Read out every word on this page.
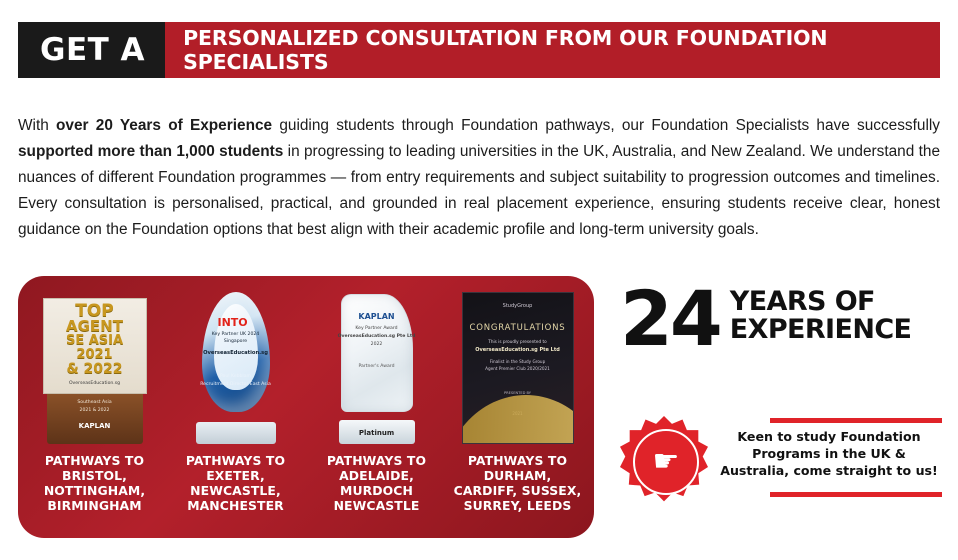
GET A	PERSONALIZED CONSULTATION FROM OUR FOUNDATION SPECIALISTS

With over 20 Years of Experience guiding students through Foundation pathways, our Foundation Specialists have successfully supported more than 1,000 students in progressing to leading universities in the UK, Australia, and New Zealand. We understand the nuances of different Foundation programmes — from entry requirements and subject suitability to progression outcomes and timelines. Every consultation is personalised, practical, and grounded in real placement experience, ensuring students receive clear, honest guidance on the Foundation options that best align with their academic profile and long-term university goals.

TOP
AGENT
SE ASIA
2021
& 2022
OverseasEducation.sg
Southeast Asia
2021 & 2022
KAPLAN
PATHWAYS TO BRISTOL, NOTTINGHAM, BIRMINGHAM
INTO
Key Partner UK 2024
Singapore
OverseasEducation.sg
Paul Kebblam
Recruitment Director East Asia
PATHWAYS TO EXETER, NEWCASTLE, MANCHESTER
KAPLAN
Key Partner Award
OverseasEducation.sg Pte Ltd
2022
Partner's Award
Platinum
PATHWAYS TO ADELAIDE, MURDOCH NEWCASTLE
StudyGroup
CONGRATULATIONS
This is proudly presented to
OverseasEducation.sg Pte Ltd
Finalist in the Study Group
Agent Premier Club 2020/2021
PRESENTED BY
PATHWAYS TO DURHAM, CARDIFF, SUSSEX, SURREY, LEEDS
24 YEARS OF
EXPERIENCE
☛
Keen to study Foundation
Programs in the UK &
Australia, come straight to us!
